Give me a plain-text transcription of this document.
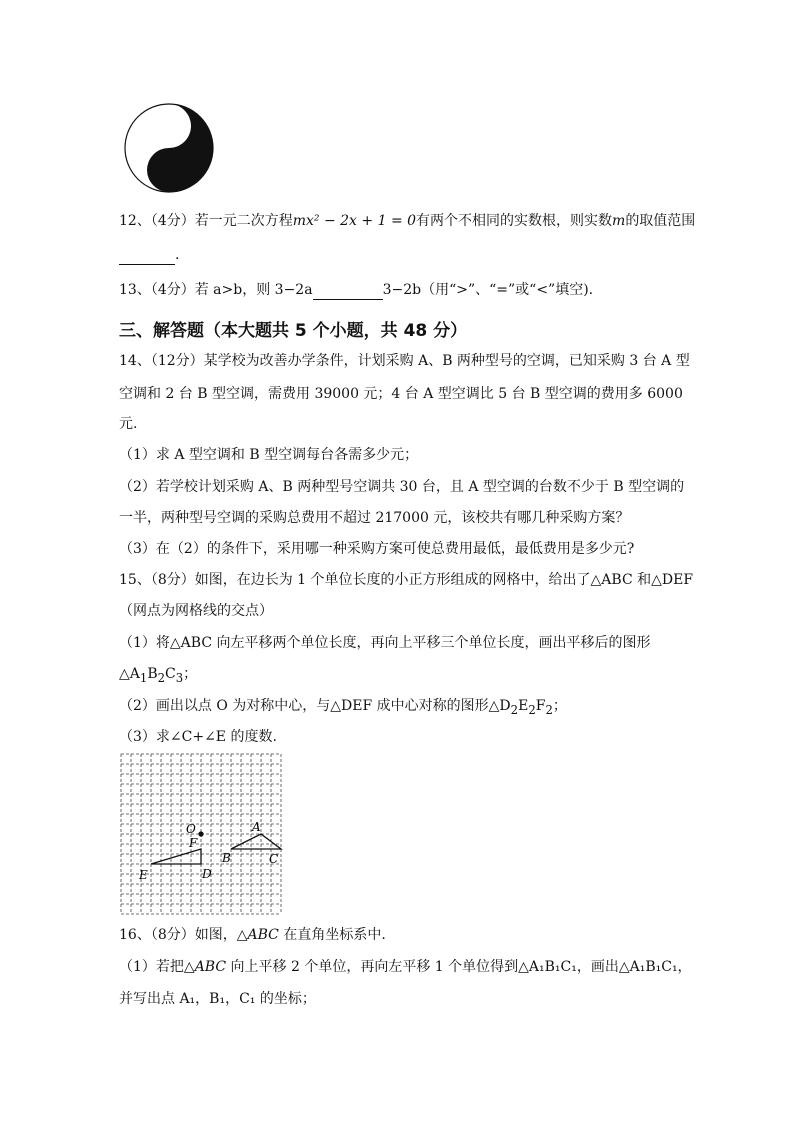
12、（4分）若一元二次方程mx² − 2x + 1 = 0有两个不相同的实数根，则实数m的取值范围
.
13、（4分）若 a>b，则 3−2a	3−2b（用“>”、“=”或“<”填空).
三、解答题（本大题共 5 个小题，共 48 分）
14、（12分）某学校为改善办学条件，计划采购 A、B 两种型号的空调，已知采购 3 台 A 型
空调和 2 台 B 型空调，需费用 39000 元；4 台 A 型空调比 5 台 B 型空调的费用多 6000
元.
（1）求 A 型空调和 B 型空调每台各需多少元；
（2）若学校计划采购 A、B 两种型号空调共 30 台，且 A 型空调的台数不少于 B 型空调的
一半，两种型号空调的采购总费用不超过 217000 元，该校共有哪几种采购方案？
（3）在（2）的条件下，采用哪一种采购方案可使总费用最低，最低费用是多少元?
15、（8分）如图，在边长为 1 个单位长度的小正方形组成的网格中，给出了△ABC 和△DEF
（网点为网格线的交点）
（1）将△ABC 向左平移两个单位长度，再向上平移三个单位长度，画出平移后的图形
$\triangle A_1B_2C_3$；
（2）画出以点 O 为对称中心，与△DEF 成中心对称的图形$\triangle D_2E_2F_2$；
（3）求∠C+∠E 的度数.
O
F
A
B	C
E	D
16、（8分）如图，△ABC 在直角坐标系中.
（1）若把△ABC 向上平移 2 个单位，再向左平移 1 个单位得到△A₁B₁C₁，画出△A₁B₁C₁，
并写出点 A₁，B₁，C₁ 的坐标；
